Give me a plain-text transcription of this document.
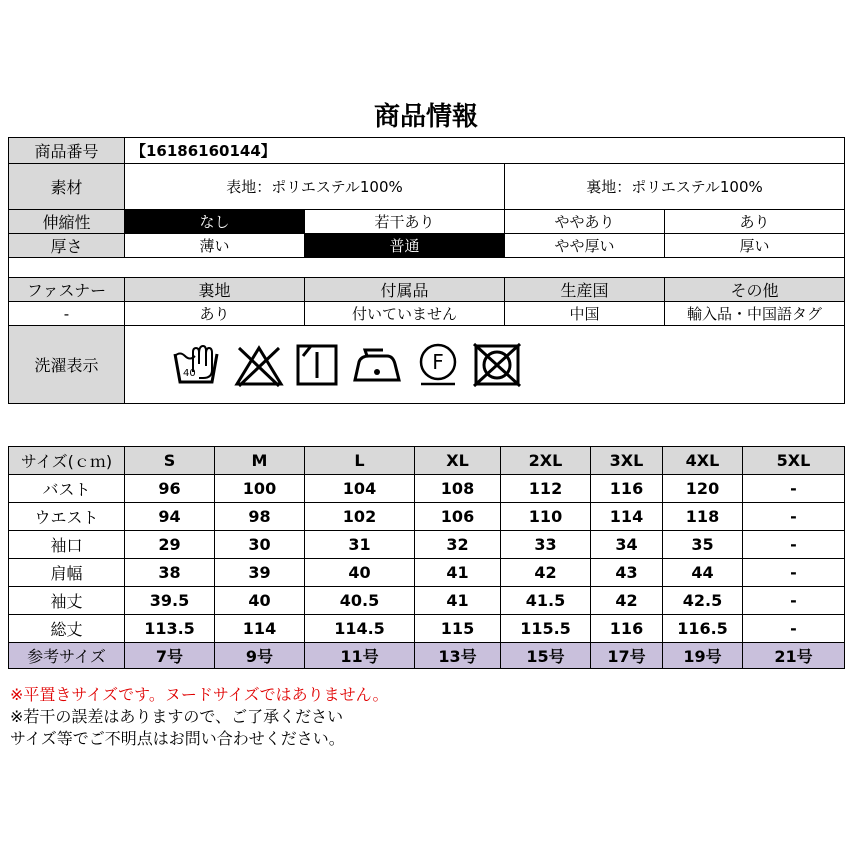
商品情報
商品番号	【16186160144】			
素材	表地：ポリエステル100%		裏地：ポリエステル100%	
伸縮性	なし	若干あり	ややあり	あり
厚さ	薄い	普通	やや厚い	厚い

ファスナー	裏地	付属品	生産国	その他
-	あり	付いていません	中国	輸入品・中国語タグ
洗濯表示	40 F			
サイズ(ｃｍ)	S	M	L	XL	2XL	3XL	4XL	5XL
バスト	96	100	104	108	112	116	120	-
ウエスト	94	98	102	106	110	114	118	-
袖口	29	30	31	32	33	34	35	-
肩幅	38	39	40	41	42	43	44	-
袖丈	39.5	40	40.5	41	41.5	42	42.5	-
総丈	113.5	114	114.5	115	115.5	116	116.5	-
参考サイズ	7号	9号	11号	13号	15号	17号	19号	21号
※平置きサイズです。ヌードサイズではありません。
※若干の誤差はありますので、ご了承ください
サイズ等でご不明点はお問い合わせください。
